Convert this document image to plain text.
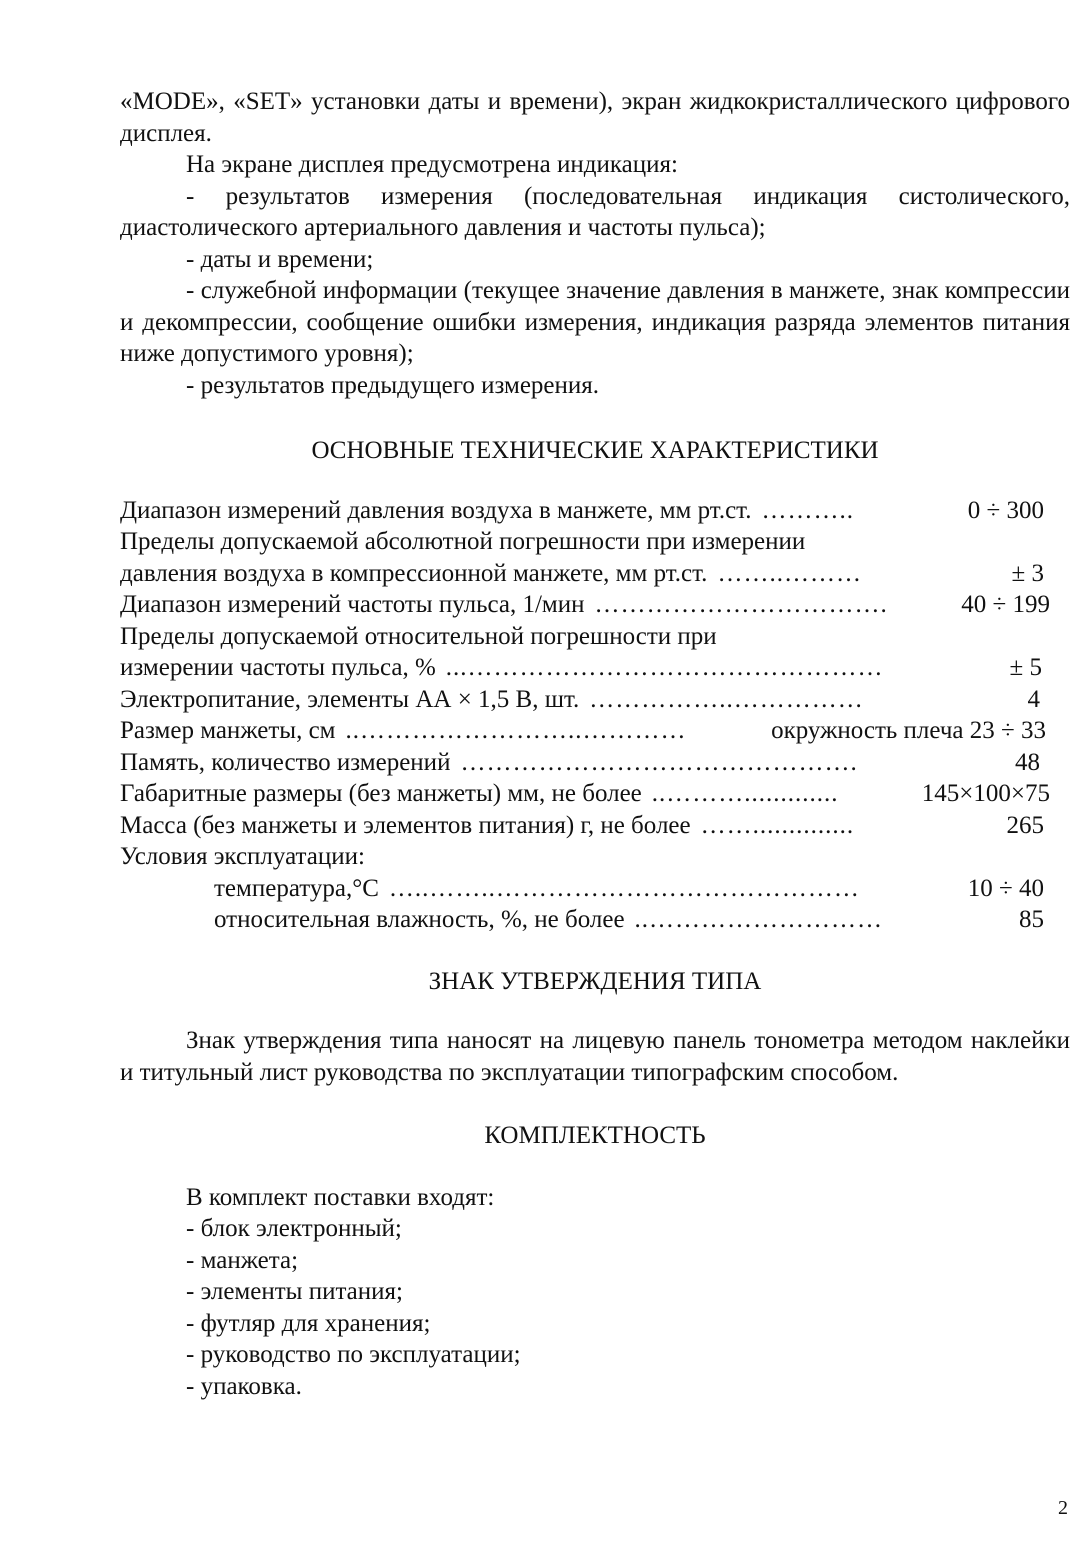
«MODE», «SET» установки даты и времени), экран жидкокристаллического цифрового дисплея.

На экране дисплея предусмотрена индикация:

- результатов измерения (последовательная индикация систолического, диастолического артериального давления и частоты пульса);

- даты и времени;

- служебной информации (текущее значение давления в манжете, знак компрессии и декомпрессии, сообщение ошибки измерения, индикация разряда элементов питания ниже допустимого уровня);

- результатов предыдущего измерения.

ОСНОВНЫЕ ТЕХНИЧЕСКИЕ ХАРАКТЕРИСТИКИ

Диапазон измерений давления воздуха в манжете, мм рт.ст. ………..	0 ÷ 300
Пределы допускаемой абсолютной погрешности при измерении
давления воздуха в компрессионной манжете, мм рт.ст. ……..………	± 3
Диапазон измерений частоты пульса, 1/мин …………………………….	40 ÷ 199
Пределы допускаемой относительной погрешности при
измерении частоты пульса, % ...…………………………………………	± 5
Электропитание, элементы АА × 1,5 В, шт. ……………..……………	4
Размер манжеты, см ..……………………..…………	окружность плеча 23 ÷ 33
Память, количество измерений ……………………………………….	48
Габаритные размеры (без манжеты) мм, не более ..……….............	145×100×75
Масса (без манжеты и элементов питания) г, не более ……..............	265
Условия эксплуатации:
температура,°С …..……..……………………………………	10 ÷ 40
относительная влажность, %, не более ..………………………	85

ЗНАК УТВЕРЖДЕНИЯ ТИПА

Знак утверждения типа наносят на лицевую панель тонометра методом наклейки и титульный лист руководства по эксплуатации типографским способом.

КОМПЛЕКТНОСТЬ

В комплект поставки входят:

- блок электронный;

- манжета;

- элементы питания;

- футляр для хранения;

- руководство по эксплуатации;

- упаковка.

2
